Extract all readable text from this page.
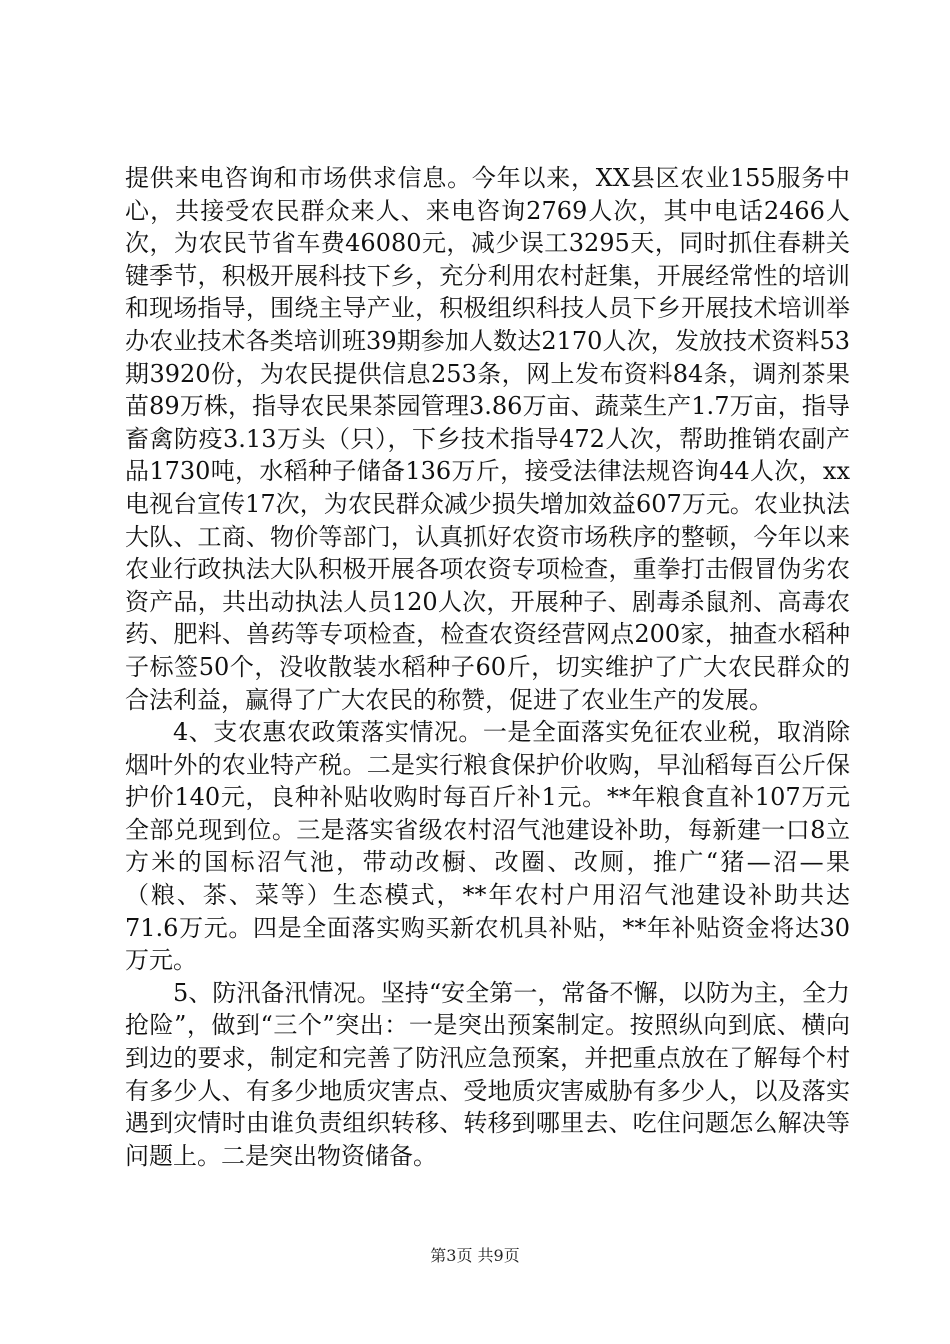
提供来电咨询和市场供求信息。今年以来，XX县区农业155服务中心，共接受农民群众来人、来电咨询2769人次，其中电话2466人次，为农民节省车费46080元，减少误工3295天，同时抓住春耕关键季节，积极开展科技下乡，充分利用农村赶集，开展经常性的培训和现场指导，围绕主导产业，积极组织科技人员下乡开展技术培训举办农业技术各类培训班39期参加人数达2170人次，发放技术资料53期3920份，为农民提供信息253条，网上发布资料84条，调剂茶果苗89万株，指导农民果茶园管理3.86万亩、蔬菜生产1.7万亩，指导畜禽防疫3.13万头（只），下乡技术指导472人次，帮助推销农副产品1730吨，水稻种子储备136万斤，接受法律法规咨询44人次，xx电视台宣传17次，为农民群众减少损失增加效益607万元。农业执法大队、工商、物价等部门，认真抓好农资市场秩序的整顿，今年以来农业行政执法大队积极开展各项农资专项检查，重拳打击假冒伪劣农资产品，共出动执法人员120人次，开展种子、剧毒杀鼠剂、高毒农药、肥料、兽药等专项检查，检查农资经营网点200家，抽查水稻种子标签50个，没收散装水稻种子60斤，切实维护了广大农民群众的合法利益，赢得了广大农民的称赞，促进了农业生产的发展。

4、支农惠农政策落实情况。一是全面落实免征农业税，取消除烟叶外的农业特产税。二是实行粮食保护价收购，早汕稻每百公斤保护价140元，良种补贴收购时每百斤补1元。**年粮食直补107万元全部兑现到位。三是落实省级农村沼气池建设补助，每新建一口8立方米的国标沼气池，带动改橱、改圈、改厕，推广“猪—沼—果（粮、茶、菜等）生态模式，**年农村户用沼气池建设补助共达71.6万元。四是全面落实购买新农机具补贴，**年补贴资金将达30万元。

5、防汛备汛情况。坚持“安全第一，常备不懈，以防为主，全力抢险”，做到“三个”突出：一是突出预案制定。按照纵向到底、横向到边的要求，制定和完善了防汛应急预案，并把重点放在了解每个村有多少人、有多少地质灾害点、受地质灾害威胁有多少人，以及落实遇到灾情时由谁负责组织转移、转移到哪里去、吃住问题怎么解决等问题上。二是突出物资储备。

第3页 共9页
